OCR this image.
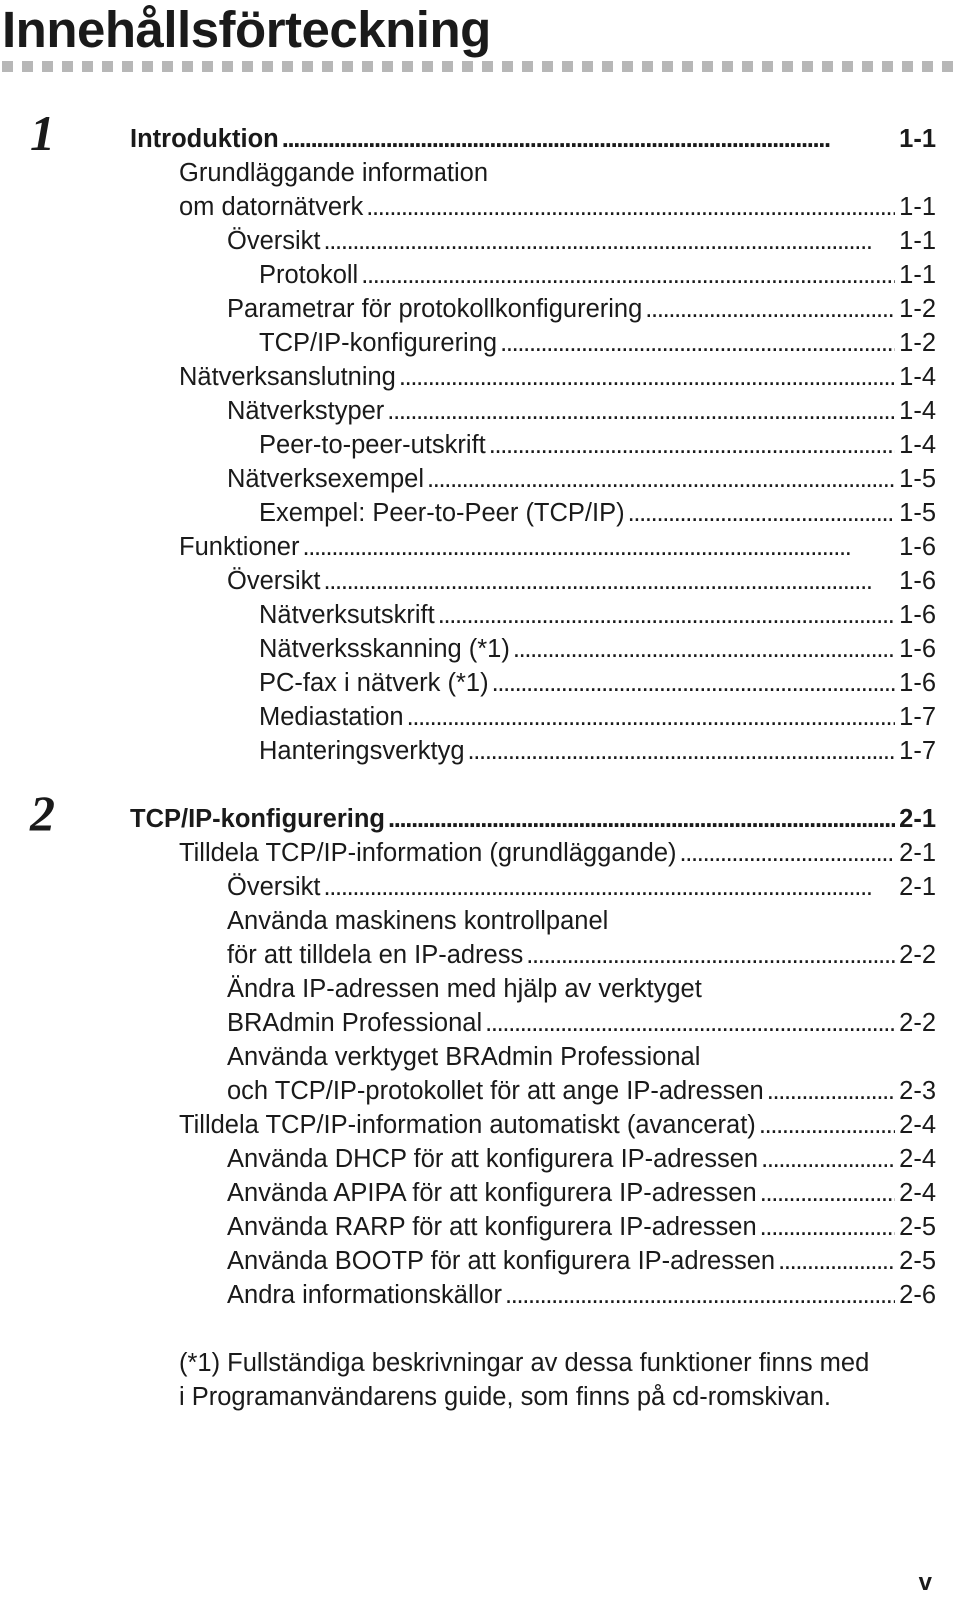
Innehållsförteckning
1	Introduktion . . .	1-1
Grundläggande information
om datornätverk . . .	1-1
Översikt . . .	1-1
Protokoll . . .	1-1
Parametrar för protokollkonfigurering . . .	1-2
TCP/IP-konfigurering . . .	1-2
Nätverksanslutning . . .	1-4
Nätverkstyper . . .	1-4
Peer-to-peer-utskrift . . .	1-4
Nätverksexempel . . .	1-5
Exempel: Peer-to-Peer (TCP/IP) . . .	1-5
Funktioner . . .	1-6
Översikt . . .	1-6
Nätverksutskrift . . .	1-6
Nätverksskanning (*1) . . .	1-6
PC-fax i nätverk (*1) . . .	1-6
Mediastation . . .	1-7
Hanteringsverktyg . . .	1-7
2	TCP/IP-konfigurering . . .	2-1
Tilldela TCP/IP-information (grundläggande) . . .	2-1
Översikt . . .	2-1
Använda maskinens kontrollpanel
för att tilldela en IP-adress . . .	2-2
Ändra IP-adressen med hjälp av verktyget
BRAdmin Professional . . .	2-2
Använda verktyget BRAdmin Professional
och TCP/IP-protokollet för att ange IP-adressen . . .	2-3
Tilldela TCP/IP-information automatiskt (avancerat) . . .	2-4
Använda DHCP för att konfigurera IP-adressen . . .	2-4
Använda APIPA för att konfigurera IP-adressen . . .	2-4
Använda RARP för att konfigurera IP-adressen . . .	2-5
Använda BOOTP för att konfigurera IP-adressen . . .	2-5
Andra informationskällor . . .	2-6
(*1) Fullständiga beskrivningar av dessa funktioner finns med
i Programanvändarens guide, som finns på cd-romskivan.
v
